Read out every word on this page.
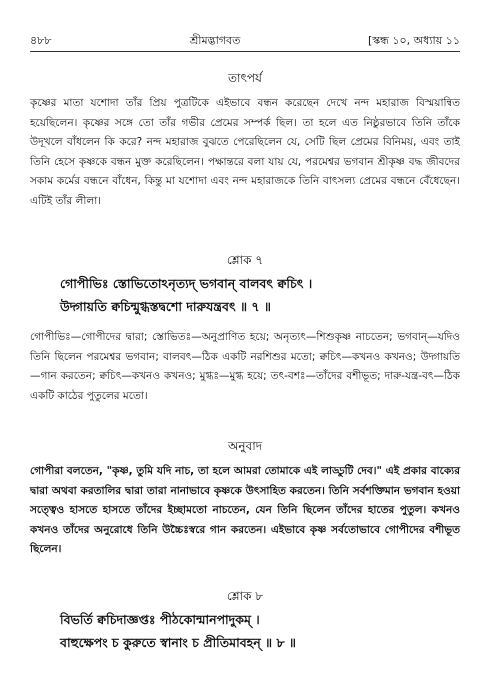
৪৮৮	শ্রীমদ্ভাগবত	[স্কন্ধ ১০, অধ্যায় ১১
তাৎপর্য

কৃষ্ণের মাতা যশোদা তাঁর প্রিয় পুত্রটিকে এইভাবে বন্ধন করেছেন দেখে নন্দ মহারাজ বিস্ময়ান্বিত হয়েছিলেন। কৃষ্ণের সঙ্গে তো তাঁর গভীর প্রেমের সম্পর্ক ছিল। তা হলে এত নিষ্ঠুরভাবে তিনি তাঁকে উদূখলে বাঁধলেন কি করে? নন্দ মহারাজ বুঝতে পেরেছিলেন যে, সেটি ছিল প্রেমের বিনিময়, এবং তাই তিনি হেসে কৃষ্ণকে বন্ধন মুক্ত করেছিলেন। পক্ষান্তরে বলা যায় যে, পরমেশ্বর ভগবান শ্রীকৃষ্ণ বদ্ধ জীবদের সকাম কর্মের বন্ধনে বাঁধেন, কিন্তু মা যশোদা এবং নন্দ মহারাজকে তিনি বাৎসল্য প্রেমের বন্ধনে বেঁধেছেন। এটিই তাঁর লীলা।

শ্লোক ৭

গোপীভিঃ স্তোভিতোঽনৃত্যদ্ ভগবান্ বালবৎ ক্বচিৎ ।

উদ্গায়তি ক্বচিন্মুগ্ধস্তদ্বশো দারুযন্ত্রবৎ ॥ ৭ ॥

গোপীভিঃ—গোপীদের দ্বারা; স্তোভিতঃ—অনুপ্রাণিত হয়ে; অনৃত্যৎ—শিশুকৃষ্ণ নাচতেন; ভগবান্—যদিও তিনি ছিলেন পরমেশ্বর ভগবান; বালবৎ—ঠিক একটি নরশিশুর মতো; ক্বচিৎ—কখনও কখনও; উদ্গায়তি—গান করতেন; ক্বচিৎ—কখনও কখনও; মুগ্ধঃ—মুগ্ধ হয়ে; তৎ-বশঃ—তাঁদের বশীভূত; দারু-যন্ত্র-বৎ—ঠিক একটি কাঠের পুতুলের মতো।

অনুবাদ

গোপীরা বলতেন, "কৃষ্ণ, তুমি যদি নাচ, তা হলে আমরা তোমাকে এই লাড্ডুটি দেব।" এই প্রকার বাক্যের দ্বারা অথবা করতালির দ্বারা তারা নানাভাবে কৃষ্ণকে উৎসাহিত করতেন। তিনি সর্বশক্তিমান ভগবান হওয়া সত্ত্বেও হাসতে হাসতে তাঁদের ইচ্ছামতো নাচতেন, যেন তিনি ছিলেন তাঁদের হাতের পুতুল। কখনও কখনও তাঁদের অনুরোধে তিনি উচ্চৈঃস্বরে গান করতেন। এইভাবে কৃষ্ণ সর্বতোভাবে গোপীদের বশীভূত ছিলেন।

শ্লোক ৮

বিভর্তি ক্বচিদাজ্ঞপ্তঃ পীঠকোন্মানপাদুকম্ ।

বাহুক্ষেপং চ কুরুতে স্বানাং চ প্রীতিমাবহন্ ॥ ৮ ॥
